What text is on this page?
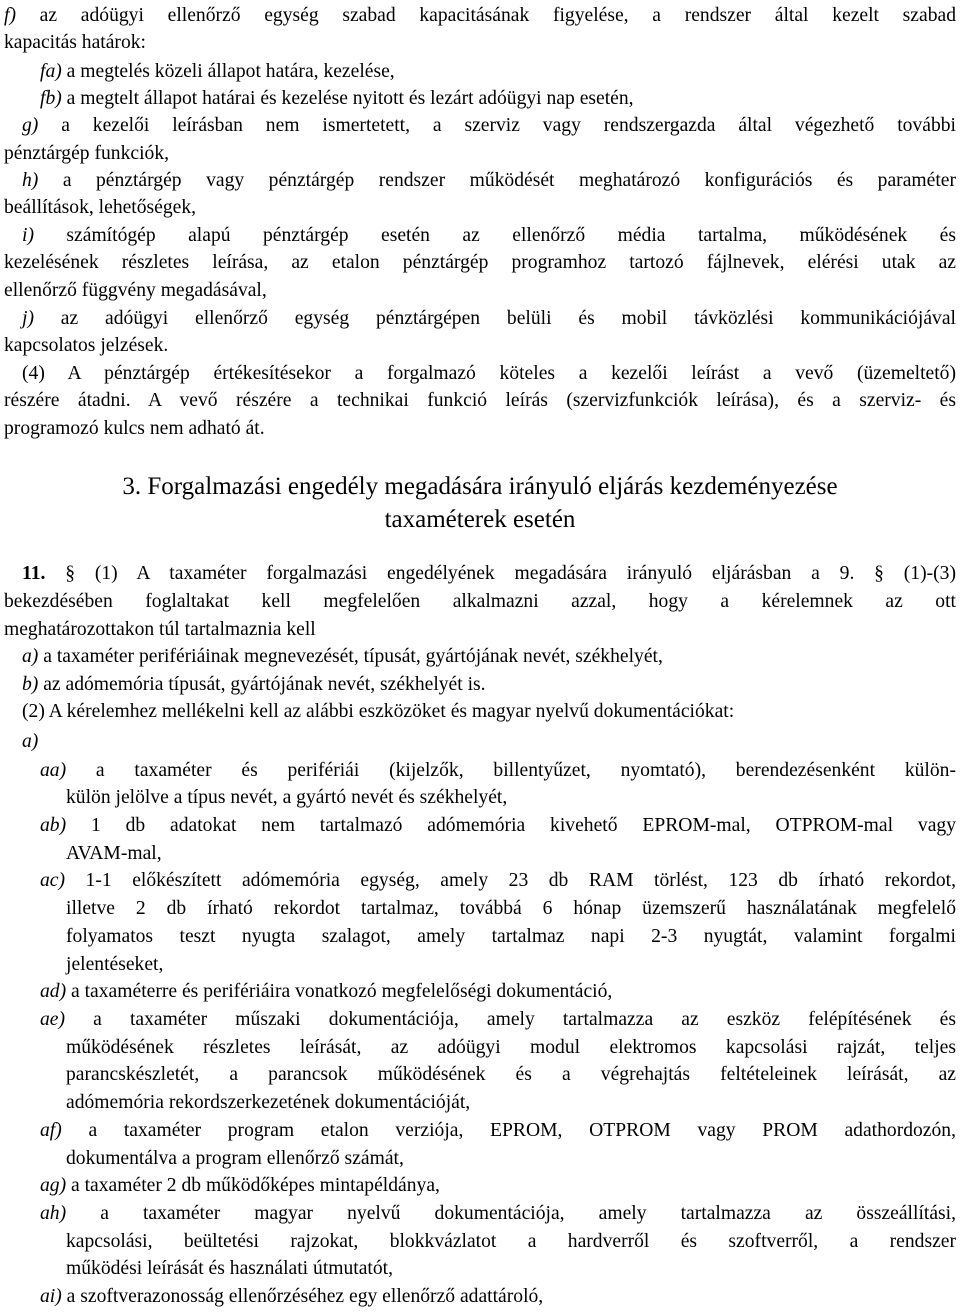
f) az adóügyi ellenőrző egység szabad kapacitásának figyelése, a rendszer által kezelt szabad
kapacitás határok:
fa) a megtelés közeli állapot határa, kezelése,
fb) a megtelt állapot határai és kezelése nyitott és lezárt adóügyi nap esetén,
g) a kezelői leírásban nem ismertetett, a szerviz vagy rendszergazda által végezhető további
pénztárgép funkciók,
h) a pénztárgép vagy pénztárgép rendszer működését meghatározó konfigurációs és paraméter
beállítások, lehetőségek,
i) számítógép alapú pénztárgép esetén az ellenőrző média tartalma, működésének és
kezelésének részletes leírása, az etalon pénztárgép programhoz tartozó fájlnevek, elérési utak az
ellenőrző függvény megadásával,
j) az adóügyi ellenőrző egység pénztárgépen belüli és mobil távközlési kommunikációjával
kapcsolatos jelzések.
(4) A pénztárgép értékesítésekor a forgalmazó köteles a kezelői leírást a vevő (üzemeltető)
részére átadni. A vevő részére a technikai funkció leírás (szervizfunkciók leírása), és a szerviz- és
programozó kulcs nem adható át.
3. Forgalmazási engedély megadására irányuló eljárás kezdeményezése
taxaméterek esetén
11. § (1) A taxaméter forgalmazási engedélyének megadására irányuló eljárásban a 9. § (1)-(3)
bekezdésében foglaltakat kell megfelelően alkalmazni azzal, hogy a kérelemnek az ott
meghatározottakon túl tartalmaznia kell
a) a taxaméter perifériáinak megnevezését, típusát, gyártójának nevét, székhelyét,
b) az adómemória típusát, gyártójának nevét, székhelyét is.
(2) A kérelemhez mellékelni kell az alábbi eszközöket és magyar nyelvű dokumentációkat:
a)
aa) a taxaméter és perifériái (kijelzők, billentyűzet, nyomtató), berendezésenként külön-
külön jelölve a típus nevét, a gyártó nevét és székhelyét,
ab) 1 db adatokat nem tartalmazó adómemória kivehető EPROM-mal, OTPROM-mal vagy
AVAM-mal,
ac) 1-1 előkészített adómemória egység, amely 23 db RAM törlést, 123 db írható rekordot,
illetve 2 db írható rekordot tartalmaz, továbbá 6 hónap üzemszerű használatának megfelelő
folyamatos teszt nyugta szalagot, amely tartalmaz napi 2-3 nyugtát, valamint forgalmi
jelentéseket,
ad) a taxaméterre és perifériáira vonatkozó megfelelőségi dokumentáció,
ae) a taxaméter műszaki dokumentációja, amely tartalmazza az eszköz felépítésének és
működésének részletes leírását, az adóügyi modul elektromos kapcsolási rajzát, teljes
parancskészletét, a parancsok működésének és a végrehajtás feltételeinek leírását, az
adómemória rekordszerkezetének dokumentációját,
af) a taxaméter program etalon verziója, EPROM, OTPROM vagy PROM adathordozón,
dokumentálva a program ellenőrző számát,
ag) a taxaméter 2 db működőképes mintapéldánya,
ah) a taxaméter magyar nyelvű dokumentációja, amely tartalmazza az összeállítási,
kapcsolási, beültetési rajzokat, blokkvázlatot a hardverről és szoftverről, a rendszer
működési leírását és használati útmutatót,
ai) a szoftverazonosság ellenőrzéséhez egy ellenőrző adattároló,
